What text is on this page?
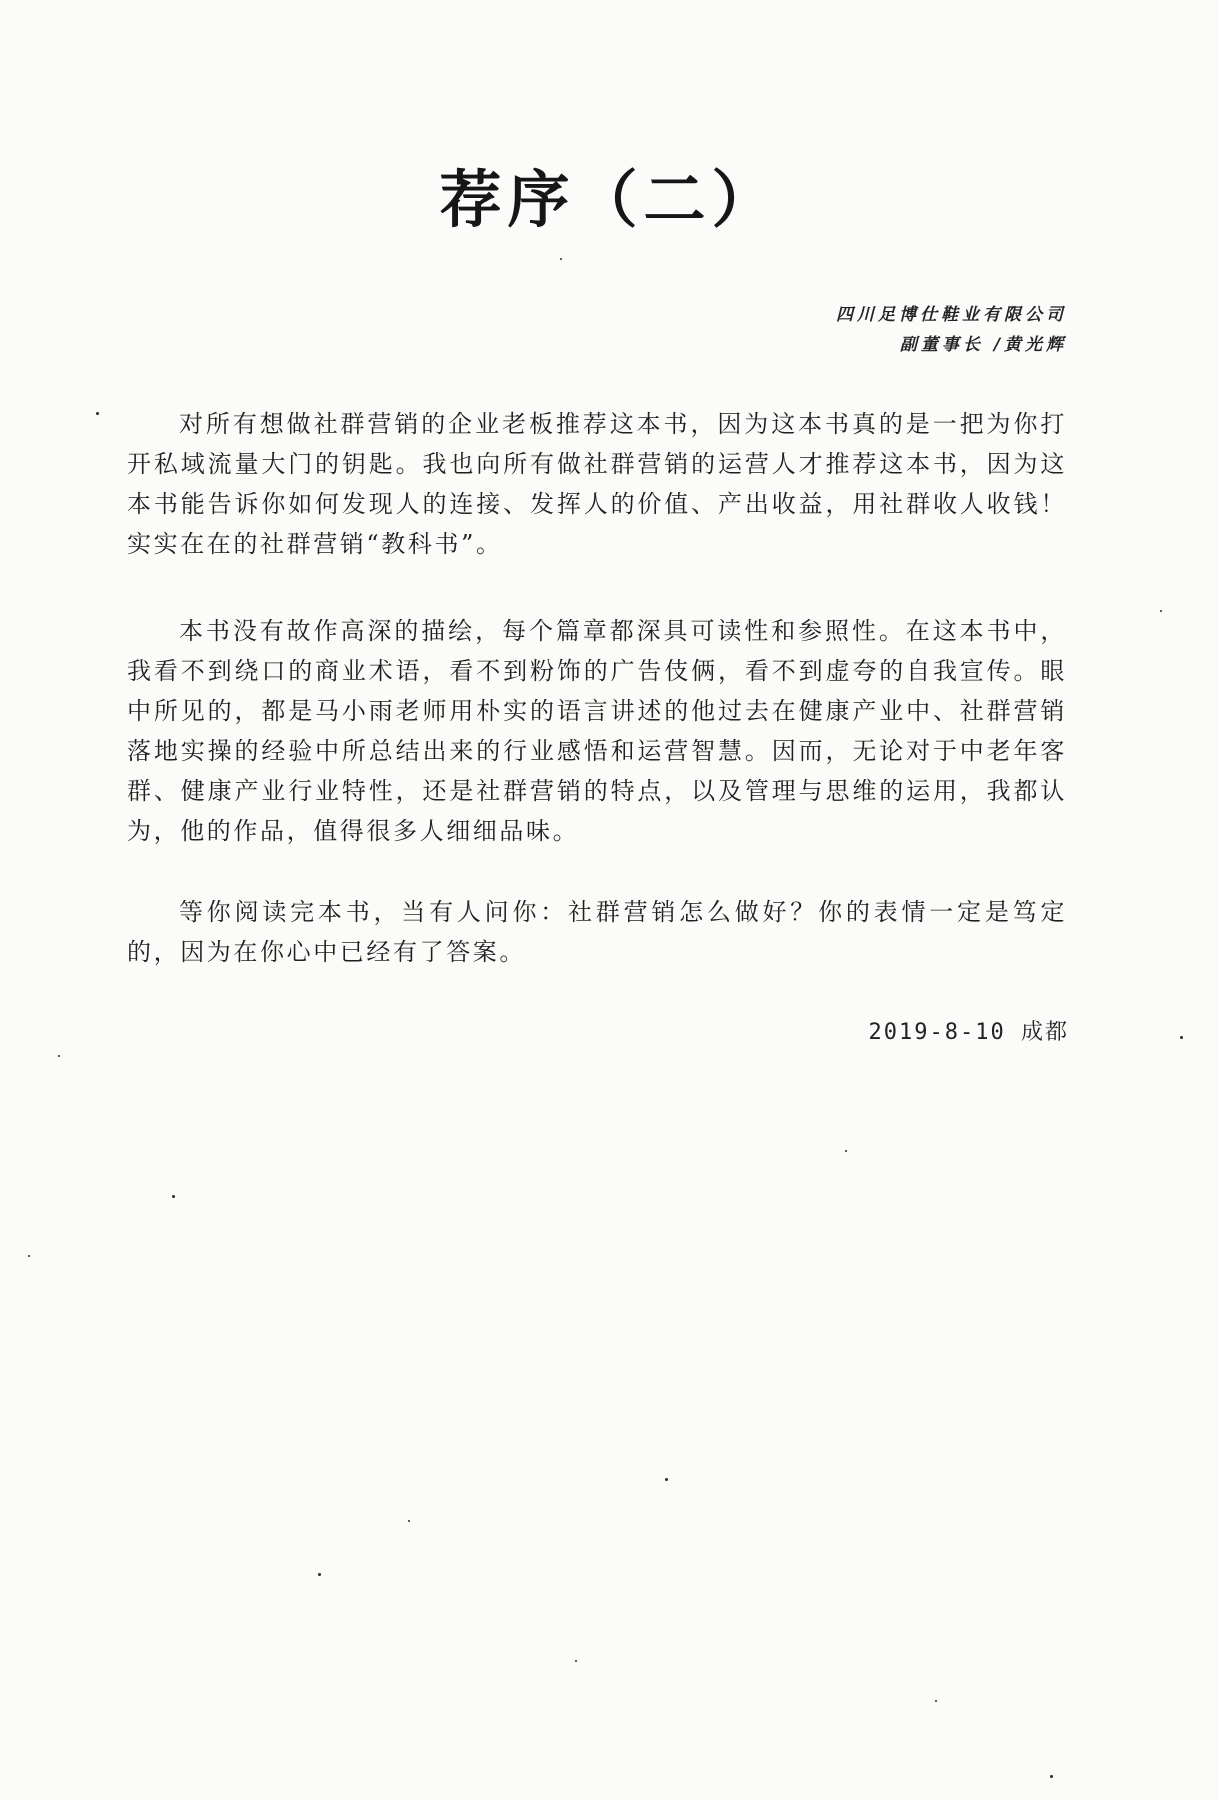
荐序（二）
四川足博仕鞋业有限公司
副董事长 /黄光辉

对所有想做社群营销的企业老板推荐这本书，因为这本书真的是一把为你打开私域流量大门的钥匙。我也向所有做社群营销的运营人才推荐这本书，因为这本书能告诉你如何发现人的连接、发挥人的价值、产出收益，用社群收人收钱！实实在在的社群营销“教科书”。

本书没有故作高深的描绘，每个篇章都深具可读性和参照性。在这本书中，我看不到绕口的商业术语，看不到粉饰的广告伎俩，看不到虚夸的自我宣传。眼中所见的，都是马小雨老师用朴实的语言讲述的他过去在健康产业中、社群营销落地实操的经验中所总结出来的行业感悟和运营智慧。因而，无论对于中老年客群、健康产业行业特性，还是社群营销的特点，以及管理与思维的运用，我都认为，他的作品，值得很多人细细品味。

等你阅读完本书，当有人问你：社群营销怎么做好？你的表情一定是笃定的，因为在你心中已经有了答案。

2019-8-10 成都
